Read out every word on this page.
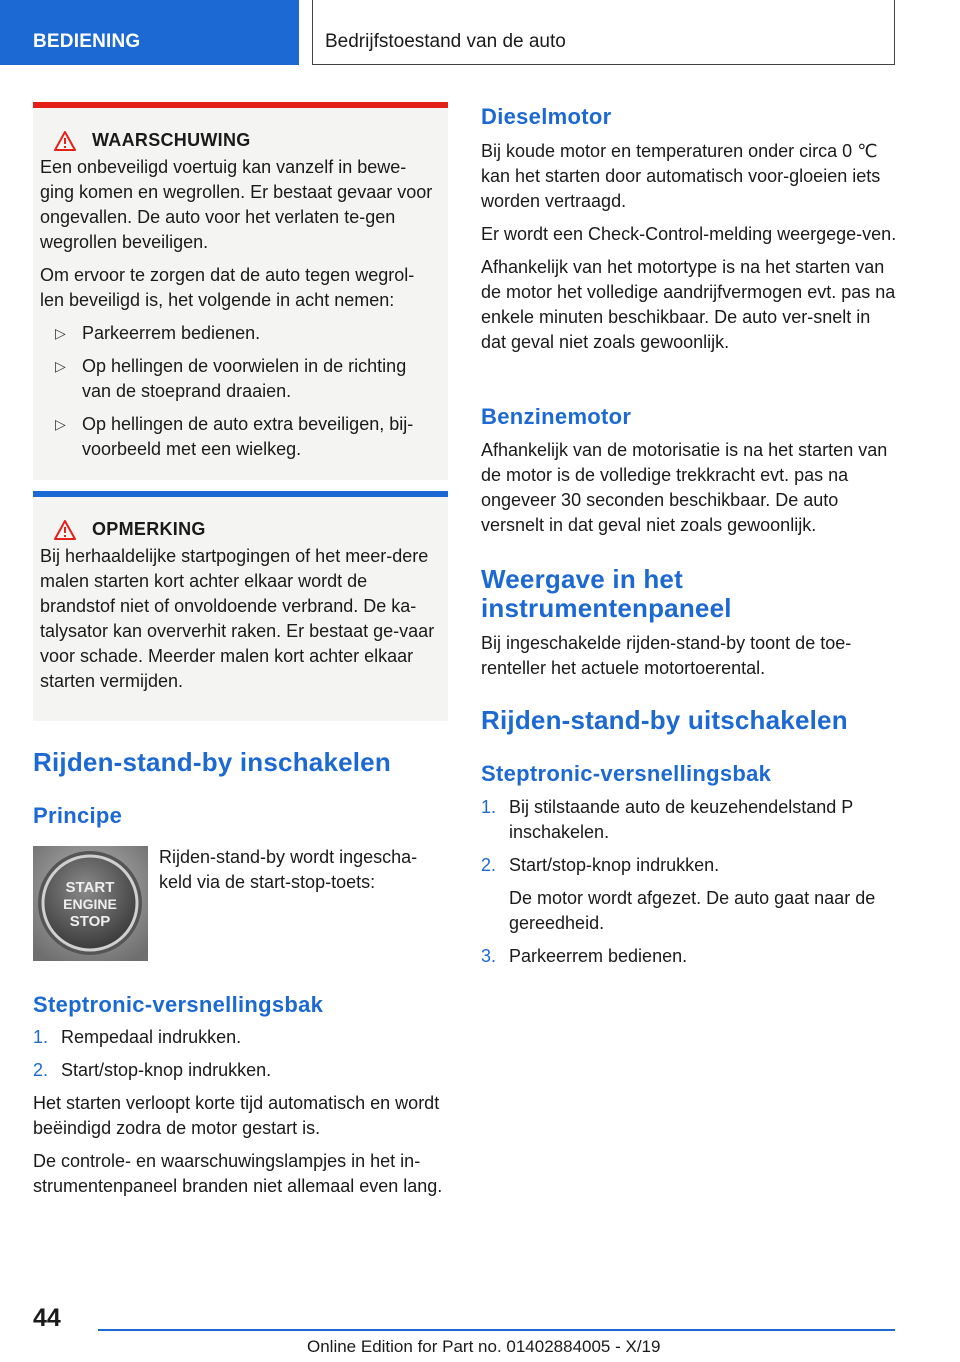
BEDIENING	Bedrijfstoestand van de auto
WAARSCHUWING

Een onbeveiligd voertuig kan vanzelf in bewe-ging komen en wegrollen. Er bestaat gevaar voor ongevallen. De auto voor het verlaten te-gen wegrollen beveiligen.

Om ervoor te zorgen dat de auto tegen wegrol-len beveiligd is, het volgende in acht nemen:

▷ Parkeerrem bedienen.
▷ Op hellingen de voorwielen in de richting van de stoeprand draaien.
▷ Op hellingen de auto extra beveiligen, bij-voorbeeld met een wielkeg.
OPMERKING

Bij herhaaldelijke startpogingen of het meer-dere malen starten kort achter elkaar wordt de brandstof niet of onvoldoende verbrand. De ka-talysator kan oververhit raken. Er bestaat ge-vaar voor schade. Meerder malen kort achter elkaar starten vermijden.

Rijden-stand-by inschakelen
Principe
START
ENGINE
STOP

Rijden-stand-by wordt ingescha-keld via de start-stop-toets:

Steptronic-versnellingsbak
1. Rempedaal indrukken.
2. Start/stop-knop indrukken.

Het starten verloopt korte tijd automatisch en wordt beëindigd zodra de motor gestart is.

De controle- en waarschuwingslampjes in het in-strumentenpaneel branden niet allemaal even lang.

Dieselmotor

Bij koude motor en temperaturen onder circa 0 ℃ kan het starten door automatisch voor-gloeien iets worden vertraagd.

Er wordt een Check-Control-melding weergege-ven.

Afhankelijk van het motortype is na het starten van de motor het volledige aandrijfvermogen evt. pas na enkele minuten beschikbaar. De auto ver-snelt in dat geval niet zoals gewoonlijk.

Benzinemotor

Afhankelijk van de motorisatie is na het starten van de motor is de volledige trekkracht evt. pas na ongeveer 30 seconden beschikbaar. De auto versnelt in dat geval niet zoals gewoonlijk.

Weergave in het
instrumentenpaneel

Bij ingeschakelde rijden-stand-by toont de toe-renteller het actuele motortoerental.

Rijden-stand-by uitschakelen
Steptronic-versnellingsbak
1. Bij stilstaande auto de keuzehendelstand P inschakelen.
2. Start/stop-knop indrukken.

De motor wordt afgezet. De auto gaat naar de gereedheid.

3. Parkeerrem bedienen.
44
Online Edition for Part no. 01402884005 - X/19
